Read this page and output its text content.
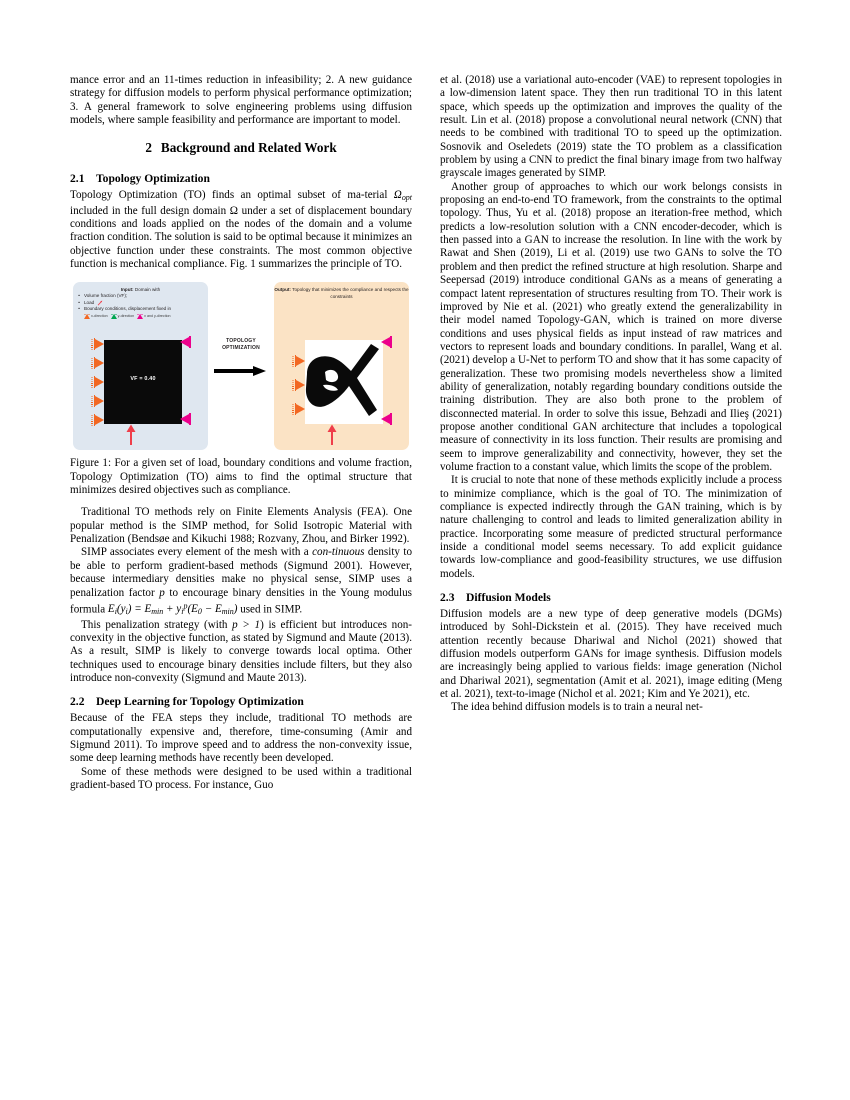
mance error and an 11-times reduction in infeasibility; 2. A new guidance strategy for diffusion models to perform physical performance optimization; 3. A general framework to solve engineering problems using diffusion models, where sample feasibility and performance are important to model.

2 Background and Related Work
2.1 Topology Optimization

Topology Optimization (TO) finds an optimal subset of ma-terial $\Omega_{opt}$ included in the full design domain Ω under a set of displacement boundary conditions and loads applied on the nodes of the domain and a volume fraction condition. The solution is said to be optimal because it minimizes an objective function under these constraints. The most common objective function is mechanical compliance. Fig. 1 summarizes the principle of TO.

Input: Domain with
• Volume fraction (VF);
• Load
• Boundary conditions, displacement fixed in
x-direction	y-direction	x and y-direction
VF = 0.40
TOPOLOGY
OPTIMIZATION
Output: Topology that minimizes the compliance and respects the constraints
Figure 1: For a given set of load, boundary conditions and volume fraction, Topology Optimization (TO) aims to find the optimal structure that minimizes desired objectives such as compliance.

Traditional TO methods rely on Finite Elements Analysis (FEA). One popular method is the SIMP method, for Solid Isotropic Material with Penalization (Bendsøe and Kikuchi 1988; Rozvany, Zhou, and Birker 1992).

SIMP associates every element of the mesh with a con-tinuous density to be able to perform gradient-based methods (Sigmund 2001). However, because intermediary densities make no physical sense, SIMP uses a penalization factor p to encourage binary densities in the Young modulus formula $E_i(y_i) = E_{min} + y_i^p(E_0 - E_{min})$ used in SIMP.

This penalization strategy (with p > 1) is efficient but introduces non-convexity in the objective function, as stated by Sigmund and Maute (2013). As a result, SIMP is likely to converge towards local optima. Other techniques used to encourage binary densities include filters, but they also introduce non-convexity (Sigmund and Maute 2013).

2.2 Deep Learning for Topology Optimization

Because of the FEA steps they include, traditional TO methods are computationally expensive and, therefore, time-consuming (Amir and Sigmund 2011). To improve speed and to address the non-convexity issue, some deep learning methods have recently been developed.

Some of these methods were designed to be used within a traditional gradient-based TO process. For instance, Guo

et al. (2018) use a variational auto-encoder (VAE) to represent topologies in a low-dimension latent space. They then run traditional TO in this latent space, which speeds up the optimization and improves the quality of the result. Lin et al. (2018) propose a convolutional neural network (CNN) that needs to be combined with traditional TO to speed up the optimization. Sosnovik and Oseledets (2019) state the TO problem as a classification problem by using a CNN to predict the final binary image from two halfway grayscale images generated by SIMP.

Another group of approaches to which our work belongs consists in proposing an end-to-end TO framework, from the constraints to the optimal topology. Thus, Yu et al. (2018) propose an iteration-free method, which predicts a low-resolution solution with a CNN encoder-decoder, which is then passed into a GAN to increase the resolution. In line with the work by Rawat and Shen (2019), Li et al. (2019) use two GANs to solve the TO problem and then predict the refined structure at high resolution. Sharpe and Seepersad (2019) introduce conditional GANs as a means of generating a compact latent representation of structures resulting from TO. Their work is improved by Nie et al. (2021) who greatly extend the generalizability in their model named Topology-GAN, which is trained on more diverse conditions and uses physical fields as input instead of raw matrices and vectors to represent loads and boundary conditions. In parallel, Wang et al. (2021) develop a U-Net to perform TO and show that it has some capacity of generalization. These two promising models nevertheless show a limited ability of generalization, notably regarding boundary conditions outside the training distribution. They are also both prone to the problem of disconnected material. In order to solve this issue, Behzadi and Ilieş (2021) propose another conditional GAN architecture that includes a topological measure of connectivity in its loss function. Their results are promising and seem to improve generalizability and connectivity, however, they set the volume fraction to a constant value, which limits the scope of the problem.

It is crucial to note that none of these methods explicitly include a process to minimize compliance, which is the goal of TO. The minimization of compliance is expected indirectly through the GAN training, which is by nature challenging to control and leads to limited generalization ability in practice. Incorporating some measure of predicted structural performance inside a conditional model seems necessary. To add explicit guidance towards low-compliance and good-feasibility structures, we use diffusion models.

2.3 Diffusion Models

Diffusion models are a new type of deep generative models (DGMs) introduced by Sohl-Dickstein et al. (2015). They have received much attention recently because Dhariwal and Nichol (2021) showed that diffusion models outperform GANs for image synthesis. Diffusion models are increasingly being applied to various fields: image generation (Nichol and Dhariwal 2021), segmentation (Amit et al. 2021), image editing (Meng et al. 2021), text-to-image (Nichol et al. 2021; Kim and Ye 2021), etc.

The idea behind diffusion models is to train a neural net-
